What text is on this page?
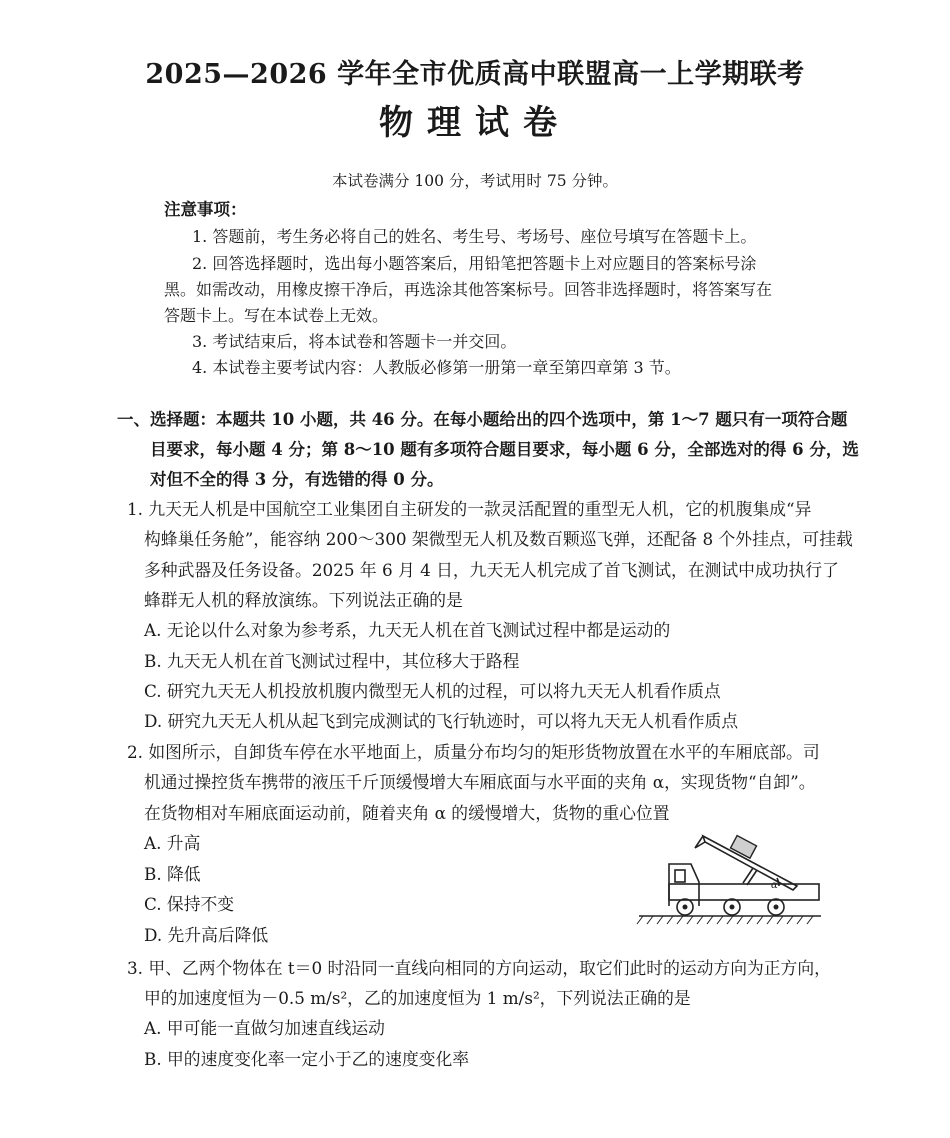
2025—2026 学年全市优质高中联盟高一上学期联考
物理试卷
本试卷满分 100 分，考试用时 75 分钟。
注意事项：
1. 答题前，考生务必将自己的姓名、考生号、考场号、座位号填写在答题卡上。
2. 回答选择题时，选出每小题答案后，用铅笔把答题卡上对应题目的答案标号涂
黑。如需改动，用橡皮擦干净后，再选涂其他答案标号。回答非选择题时，将答案写在
答题卡上。写在本试卷上无效。
3. 考试结束后，将本试卷和答题卡一并交回。
4. 本试卷主要考试内容：人教版必修第一册第一章至第四章第 3 节。
一、选择题：本题共 10 小题，共 46 分。在每小题给出的四个选项中，第 1～7 题只有一项符合题
目要求，每小题 4 分；第 8～10 题有多项符合题目要求，每小题 6 分，全部选对的得 6 分，选
对但不全的得 3 分，有选错的得 0 分。
1. 九天无人机是中国航空工业集团自主研发的一款灵活配置的重型无人机，它的机腹集成“异
构蜂巢任务舱”，能容纳 200～300 架微型无人机及数百颗巡飞弹，还配备 8 个外挂点，可挂载
多种武器及任务设备。2025 年 6 月 4 日，九天无人机完成了首飞测试，在测试中成功执行了
蜂群无人机的释放演练。下列说法正确的是
A. 无论以什么对象为参考系，九天无人机在首飞测试过程中都是运动的
B. 九天无人机在首飞测试过程中，其位移大于路程
C. 研究九天无人机投放机腹内微型无人机的过程，可以将九天无人机看作质点
D. 研究九天无人机从起飞到完成测试的飞行轨迹时，可以将九天无人机看作质点
2. 如图所示，自卸货车停在水平地面上，质量分布均匀的矩形货物放置在水平的车厢底部。司
机通过操控货车携带的液压千斤顶缓慢增大车厢底面与水平面的夹角 α，实现货物“自卸”。
在货物相对车厢底面运动前，随着夹角 α 的缓慢增大，货物的重心位置
A. 升高
B. 降低
C. 保持不变
D. 先升高后降低
α
3. 甲、乙两个物体在 t＝0 时沿同一直线向相同的方向运动，取它们此时的运动方向为正方向，
甲的加速度恒为－0.5 m/s²，乙的加速度恒为 1 m/s²，下列说法正确的是
A. 甲可能一直做匀加速直线运动
B. 甲的速度变化率一定小于乙的速度变化率
